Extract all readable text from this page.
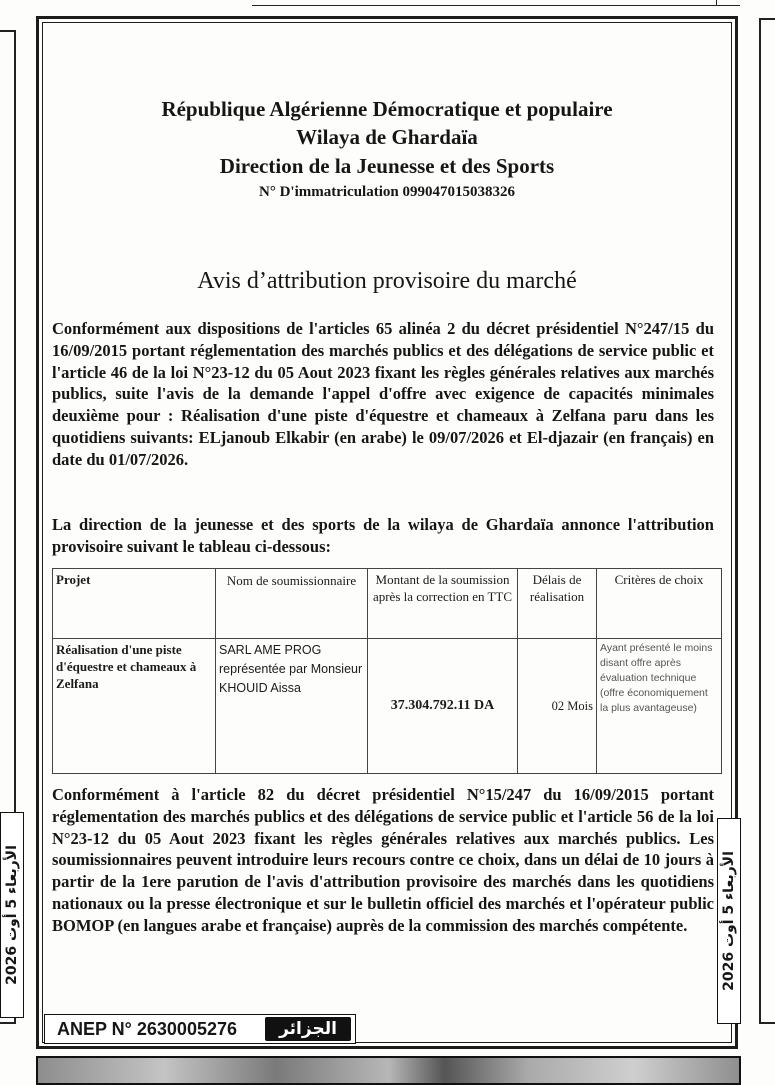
République Algérienne Démocratique et populaire
Wilaya de Ghardaïa
Direction de la Jeunesse et des Sports
N° D'immatriculation 099047015038326
Avis d’attribution provisoire du marché
Conformément aux dispositions de l'articles 65 alinéa 2 du décret présidentiel N°247/15 du 16/09/2015 portant réglementation des marchés publics et des délégations de service public et l'article 46 de la loi N°23-12 du 05 Aout 2023 fixant les règles générales relatives aux marchés publics, suite l'avis de la demande l'appel d'offre avec exigence de capacités minimales deuxième pour : Réalisation d'une piste d'équestre et chameaux à Zelfana paru dans les quotidiens suivants: ELjanoub Elkabir (en arabe) le 09/07/2026 et El-djazair (en français) en date du 01/07/2026.
La direction de la jeunesse et des sports de la wilaya de Ghardaïa annonce l'attribution provisoire suivant le tableau ci-dessous:
Projet	Nom de soumissionnaire	Montant de la soumission après la correction en TTC	Délais de réalisation	Critères de choix
Réalisation d'une piste d'équestre et chameaux à Zelfana	SARL AME PROG représentée par Monsieur KHOUID Aissa	37.304.792.11 DA	02 Mois	Ayant présenté le moins disant offre après évaluation technique (offre économiquement la plus avantageuse)
Conformément à l'article 82 du décret présidentiel N°15/247 du 16/09/2015 portant réglementation des marchés publics et des délégations de service public et l'article 56 de la loi N°23-12 du 05 Aout 2023 fixant les règles générales relatives aux marchés publics. Les soumissionnaires peuvent introduire leurs recours contre ce choix, dans un délai de 10 jours à partir de la 1ere parution de l'avis d'attribution provisoire des marchés dans les quotidiens nationaux ou la presse électronique et sur le bulletin officiel des marchés et l'opérateur public BOMOP (en langues arabe et française) auprès de la commission des marchés compétente.
الأربعاء 5 أوت 2026
الأربعاء 5 أوت 2026
ANEP N° 2630005276	الجزائر
